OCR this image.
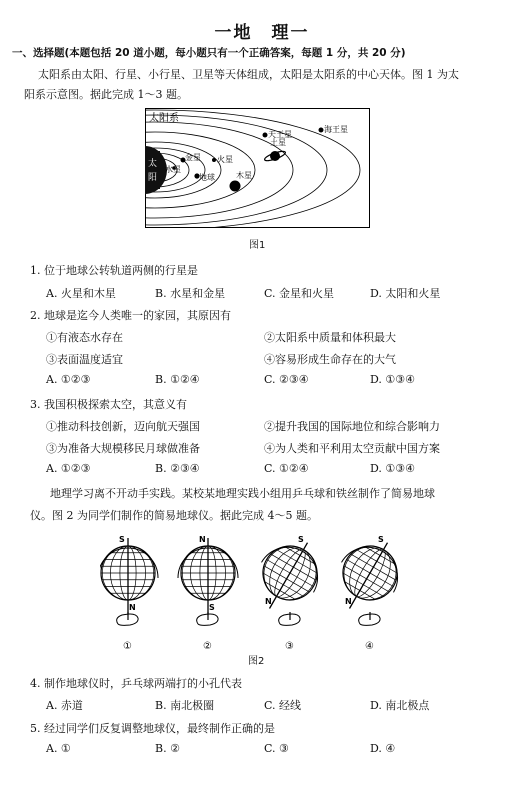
一地　理一
一、选择题(本题包括 20 道小题，每小题只有一个正确答案，每题 1 分，共 20 分)
太阳系由太阳、行星、小行星、卫星等天体组成，太阳是太阳系的中心天体。图 1 为太
阳系示意图。据此完成 1～3 题。
太阳系
太
阳
水星
金星
地球
火星
木星
土星
天王星
海王星
图1
1. 位于地球公转轨道两侧的行星是
A. 火星和木星	B. 水星和金星	C. 金星和火星	D. 太阳和火星
2. 地球是迄今人类唯一的家园，其原因有
①有液态水存在	②太阳系中质量和体积最大
③表面温度适宜	④容易形成生命存在的大气
A. ①②③	B. ①②④	C. ②③④	D. ①③④
3. 我国积极探索太空，其意义有
①推动科技创新，迈向航天强国	②提升我国的国际地位和综合影响力
③为准备大规模移民月球做准备	④为人类和平利用太空贡献中国方案
A. ①②③	B. ②③④	C. ①②④	D. ①③④
地理学习离不开动手实践。某校某地理实践小组用乒乓球和铁丝制作了简易地球
仪。图 2 为同学们制作的简易地球仪。据此完成 4～5 题。
S
N
①
N
S
②
S
N
③
S
N
④
图2
4. 制作地球仪时，乒乓球两端打的小孔代表
A. 赤道	B. 南北极圈	C. 经线	D. 南北极点
5. 经过同学们反复调整地球仪，最终制作正确的是
A. ①	B. ②	C. ③	D. ④
